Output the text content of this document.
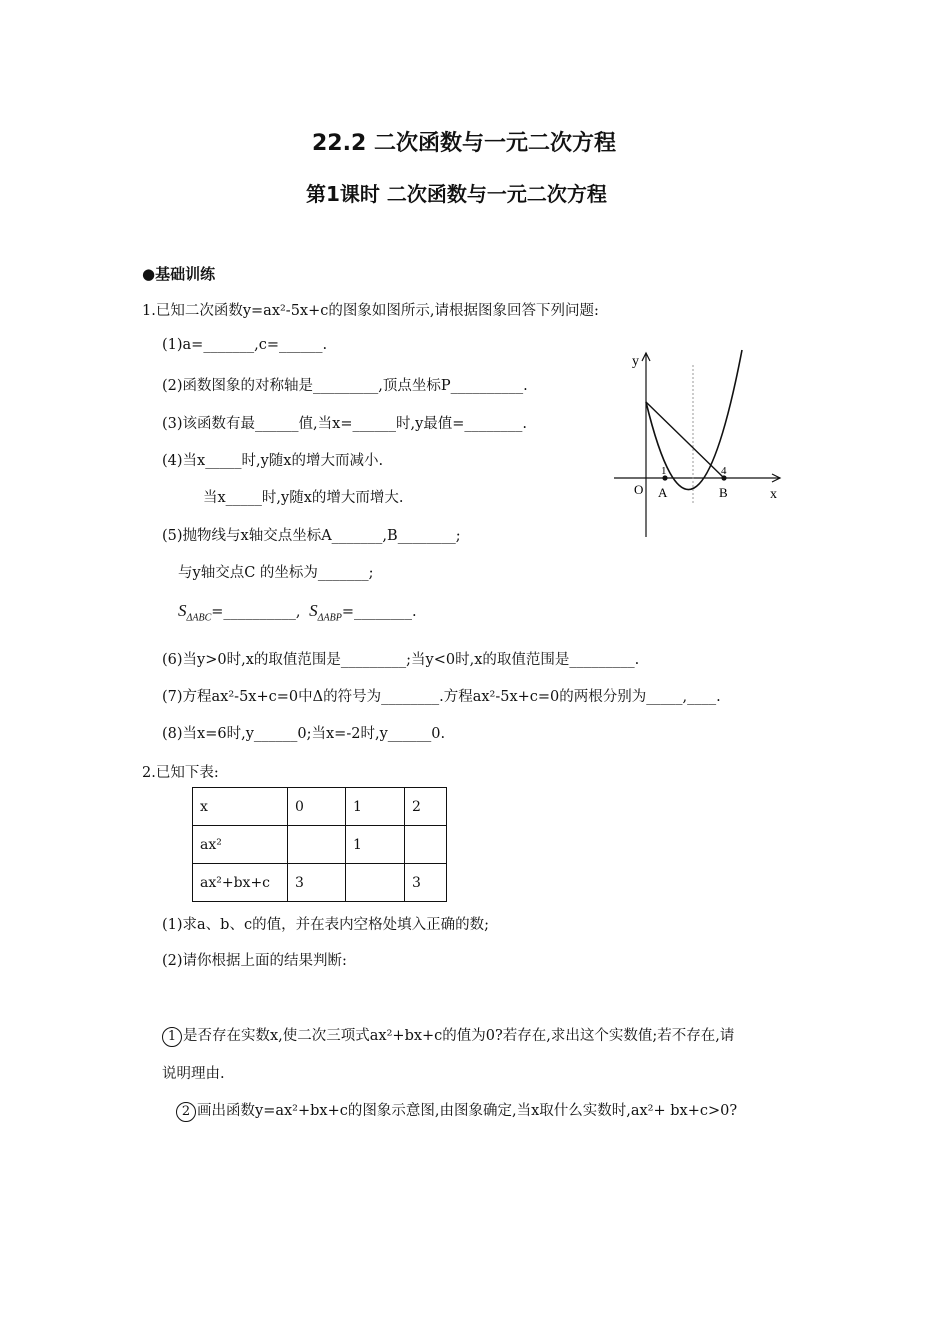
22.2 二次函数与一元二次方程
第1课时 二次函数与一元二次方程
●基础训练
1.已知二次函数y=ax²-5x+c的图象如图所示,请根据图象回答下列问题:
(1)a=_______,c=______.
(2)函数图象的对称轴是_________,顶点坐标P__________.
(3)该函数有最______值,当x=______时,y最值=________.
(4)当x_____时,y随x的增大而减小.
当x_____时,y随x的增大而增大.
(5)抛物线与x轴交点坐标A_______,B________;
与y轴交点C 的坐标为_______;
$S_{\Delta ABC}=\_\_\_\_\_\_\_\_\_\_$, $S_{\Delta ABP}=\_\_\_\_\_\_\_\_$.
(6)当y>0时,x的取值范围是_________;当y<0时,x的取值范围是_________.
(7)方程ax²-5x+c=0中Δ的符号为________.方程ax²-5x+c=0的两根分别为_____,____.
(8)当x=6时,y______0;当x=-2时,y______0.
y
x
O
1	4
A	B
2.已知下表:
x	0	1	2
ax²		1	
ax²+bx+c	3		3
(1)求a、b、c的值，并在表内空格处填入正确的数;
(2)请你根据上面的结果判断:
1 是否存在实数x,使二次三项式ax²+bx+c的值为0?若存在,求出这个实数值;若不存在,请
说明理由.
2 画出函数y=ax²+bx+c的图象示意图,由图象确定,当x取什么实数时,ax²+ bx+c>0?
